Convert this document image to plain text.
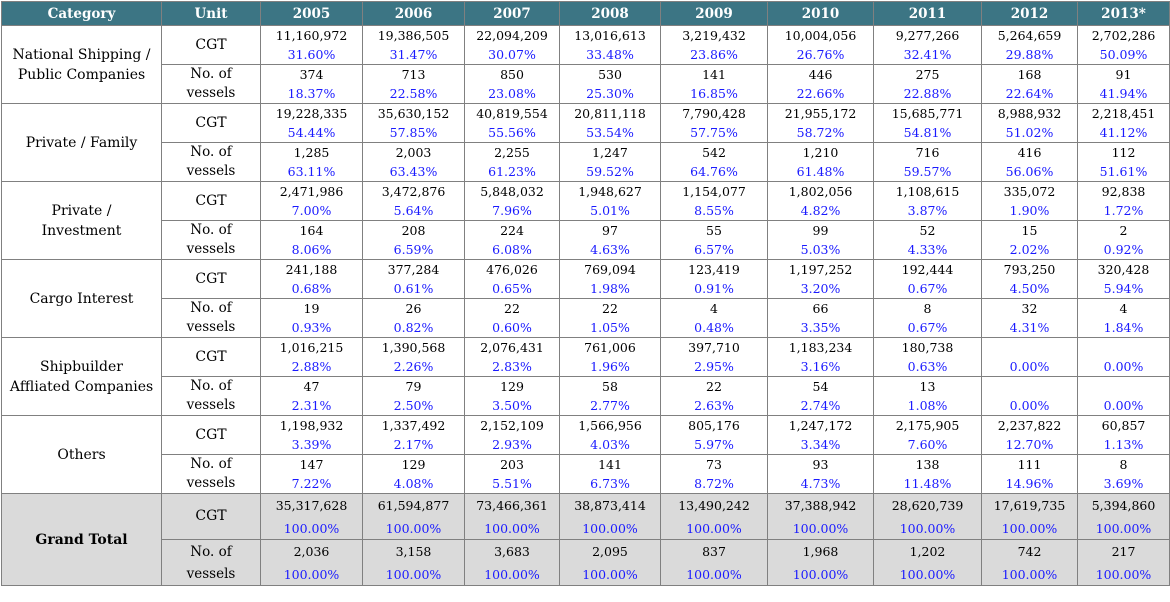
Category	Unit	2005	2006	2007	2008	2009	2010	2011	2012	2013*
National Shipping /
Public Companies	CGT	11,160,972	19,386,505	22,094,209	13,016,613	3,219,432	10,004,056	9,277,266	5,264,659	2,702,286
		31.60%	31.47%	30.07%	33.48%	23.86%	26.76%	32.41%	29.88%	50.09%
	No. of	374	713	850	530	141	446	275	168	91
	vessels	18.37%	22.58%	23.08%	25.30%	16.85%	22.66%	22.88%	22.64%	41.94%
Private / Family	CGT	19,228,335	35,630,152	40,819,554	20,811,118	7,790,428	21,955,172	15,685,771	8,988,932	2,218,451
		54.44%	57.85%	55.56%	53.54%	57.75%	58.72%	54.81%	51.02%	41.12%
	No. of	1,285	2,003	2,255	1,247	542	1,210	716	416	112
	vessels	63.11%	63.43%	61.23%	59.52%	64.76%	61.48%	59.57%	56.06%	51.61%
Private /
Investment	CGT	2,471,986	3,472,876	5,848,032	1,948,627	1,154,077	1,802,056	1,108,615	335,072	92,838
		7.00%	5.64%	7.96%	5.01%	8.55%	4.82%	3.87%	1.90%	1.72%
	No. of	164	208	224	97	55	99	52	15	2
	vessels	8.06%	6.59%	6.08%	4.63%	6.57%	5.03%	4.33%	2.02%	0.92%
Cargo Interest	CGT	241,188	377,284	476,026	769,094	123,419	1,197,252	192,444	793,250	320,428
		0.68%	0.61%	0.65%	1.98%	0.91%	3.20%	0.67%	4.50%	5.94%
	No. of	19	26	22	22	4	66	8	32	4
	vessels	0.93%	0.82%	0.60%	1.05%	0.48%	3.35%	0.67%	4.31%	1.84%
Shipbuilder
Affliated Companies	CGT	1,016,215	1,390,568	2,076,431	761,006	397,710	1,183,234	180,738		
		2.88%	2.26%	2.83%	1.96%	2.95%	3.16%	0.63%	0.00%	0.00%
	No. of	47	79	129	58	22	54	13		
	vessels	2.31%	2.50%	3.50%	2.77%	2.63%	2.74%	1.08%	0.00%	0.00%
Others	CGT	1,198,932	1,337,492	2,152,109	1,566,956	805,176	1,247,172	2,175,905	2,237,822	60,857
		3.39%	2.17%	2.93%	4.03%	5.97%	3.34%	7.60%	12.70%	1.13%
	No. of	147	129	203	141	73	93	138	111	8
	vessels	7.22%	4.08%	5.51%	6.73%	8.72%	4.73%	11.48%	14.96%	3.69%
Grand Total	CGT	35,317,628	61,594,877	73,466,361	38,873,414	13,490,242	37,388,942	28,620,739	17,619,735	5,394,860
		100.00%	100.00%	100.00%	100.00%	100.00%	100.00%	100.00%	100.00%	100.00%
	No. of	2,036	3,158	3,683	2,095	837	1,968	1,202	742	217
	vessels	100.00%	100.00%	100.00%	100.00%	100.00%	100.00%	100.00%	100.00%	100.00%
